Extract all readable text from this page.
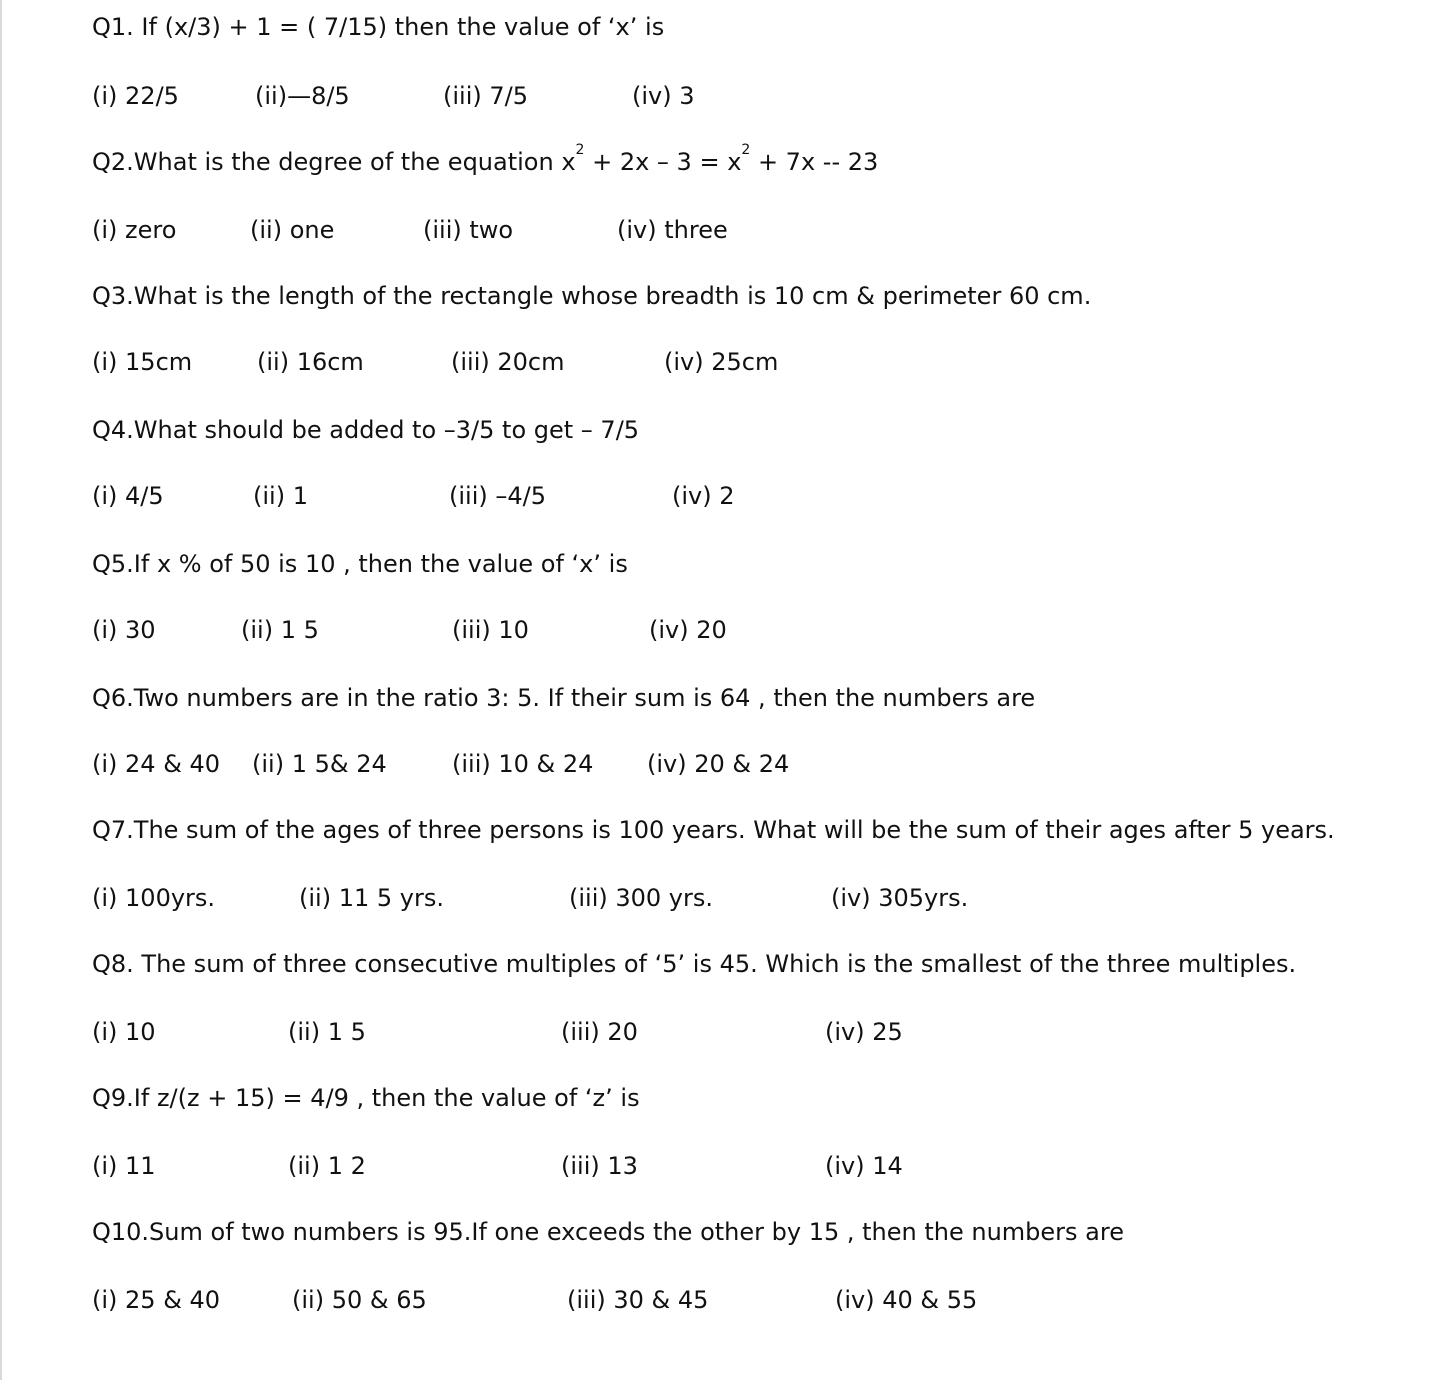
Q1. If (x/3) + 1 = ( 7/15) then the value of ‘x’ is
(i) 22/5	(ii)—8/5	(iii) 7/5	(iv) 3
Q2.What is the degree of the equation $x^2 + 2x - 3 = x^2 + 7x -- 23$
(i) zero	(ii) one	(iii) two	(iv) three
Q3.What is the length of the rectangle whose breadth is 10 cm & perimeter 60 cm.
(i) 15cm	(ii) 16cm	(iii) 20cm	(iv) 25cm
Q4.What should be added to –3/5 to get – 7/5
(i) 4/5	(ii) 1	(iii) –4/5	(iv) 2
Q5.If x % of 50 is 10 , then the value of ‘x’ is
(i) 30	(ii) 1 5	(iii) 10	(iv) 20
Q6.Two numbers are in the ratio 3: 5. If their sum is 64 , then the numbers are
(i) 24 & 40 (ii) 1 5& 24	(iii) 10 & 24 (iv) 20 & 24
Q7.The sum of the ages of three persons is 100 years. What will be the sum of their ages after 5 years.
(i) 100yrs.	(ii) 11 5 yrs.	(iii) 300 yrs.	(iv) 305yrs.
Q8. The sum of three consecutive multiples of ‘5’ is 45. Which is the smallest of the three multiples.
(i) 10	(ii) 1 5	(iii) 20	(iv) 25
Q9.If z/(z + 15) = 4/9 , then the value of ‘z’ is
(i) 11	(ii) 1 2	(iii) 13	(iv) 14
Q10.Sum of two numbers is 95.If one exceeds the other by 15 , then the numbers are
(i) 25 & 40	(ii) 50 & 65	(iii) 30 & 45	(iv) 40 & 55
